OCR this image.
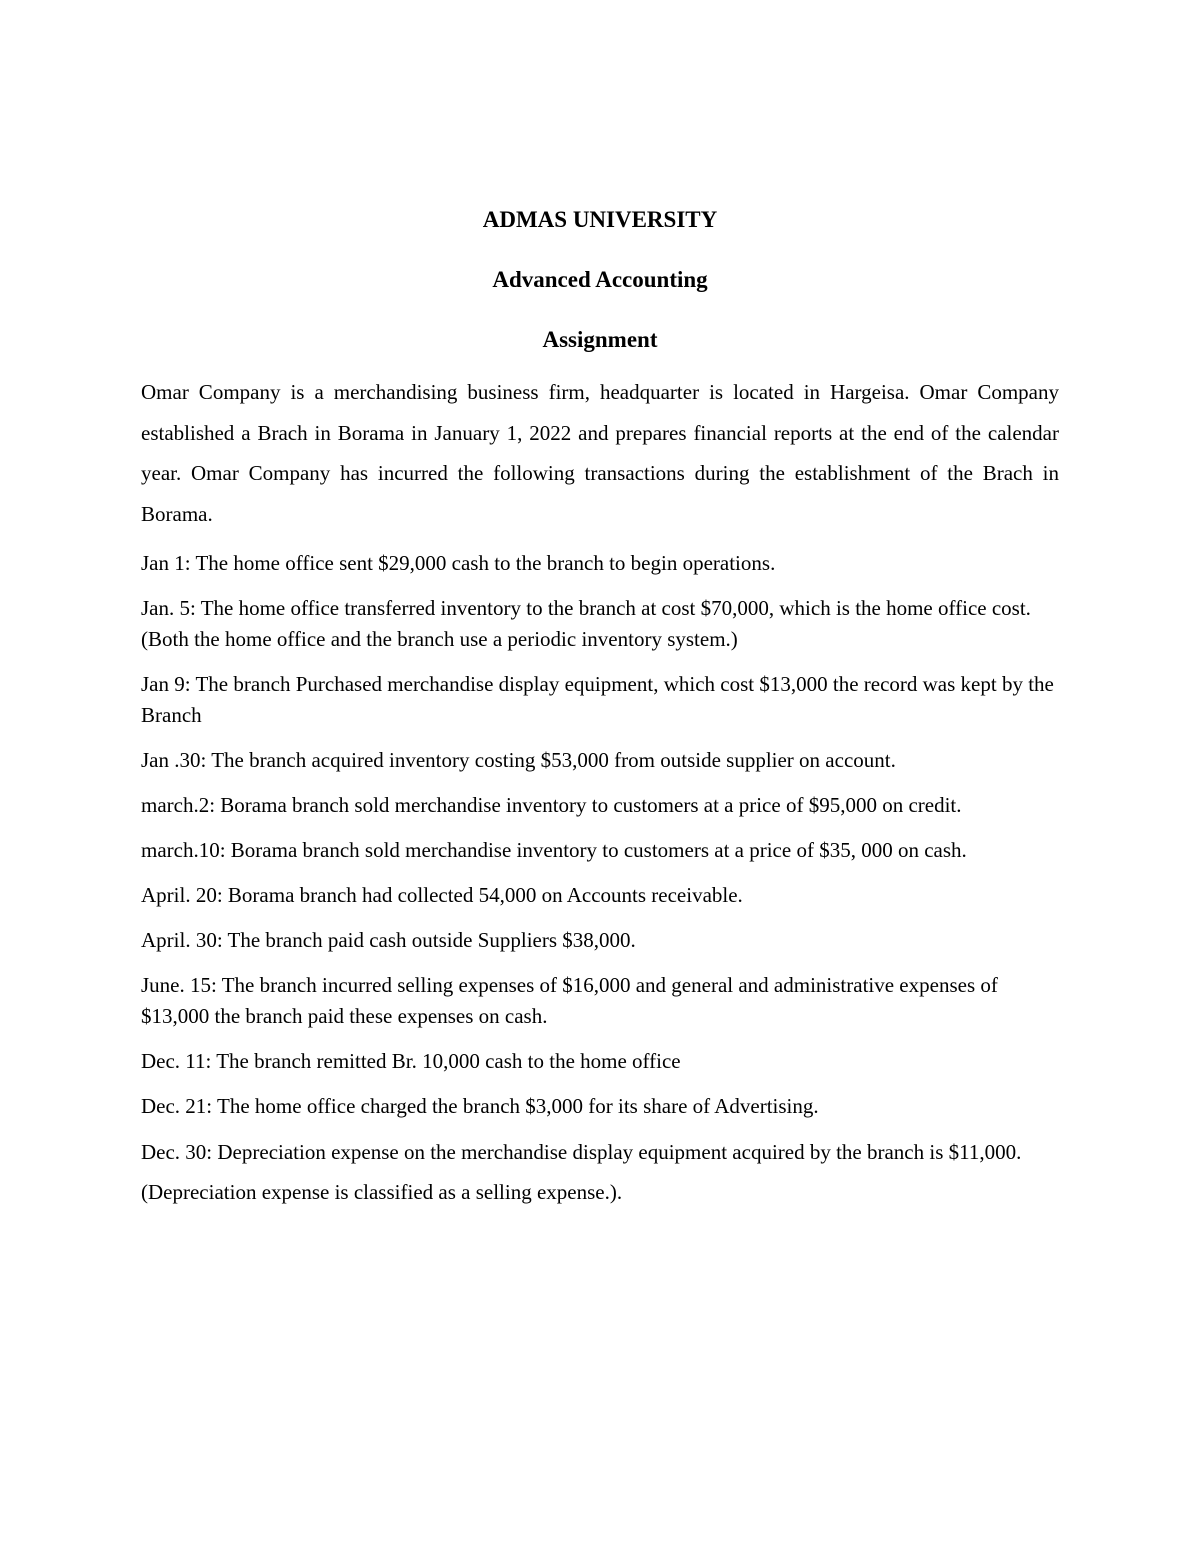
ADMAS UNIVERSITY

Advanced Accounting

Assignment

Omar Company is a merchandising business firm, headquarter is located in Hargeisa. Omar Company established a Brach in Borama in January 1, 2022 and prepares financial reports at the end of the calendar year. Omar Company has incurred the following transactions during the establishment of the Brach in Borama.

Jan 1: The home office sent $29,000 cash to the branch to begin operations.

Jan. 5: The home office transferred inventory to the branch at cost $70,000, which is the home office cost. (Both the home office and the branch use a periodic inventory system.)

Jan 9: The branch Purchased merchandise display equipment, which cost $13,000 the record was kept by the Branch

Jan .30: The branch acquired inventory costing $53,000 from outside supplier on account.

march.2: Borama branch sold merchandise inventory to customers at a price of $95,000 on credit.

march.10: Borama branch sold merchandise inventory to customers at a price of $35, 000 on cash.

April. 20: Borama branch had collected 54,000 on Accounts receivable.

April. 30: The branch paid cash outside Suppliers $38,000.

June. 15: The branch incurred selling expenses of $16,000 and general and administrative expenses of $13,000 the branch paid these expenses on cash.

Dec. 11: The branch remitted Br. 10,000 cash to the home office

Dec. 21: The home office charged the branch $3,000 for its share of Advertising.

Dec. 30: Depreciation expense on the merchandise display equipment acquired by the branch is $11,000. (Depreciation expense is classified as a selling expense.).
